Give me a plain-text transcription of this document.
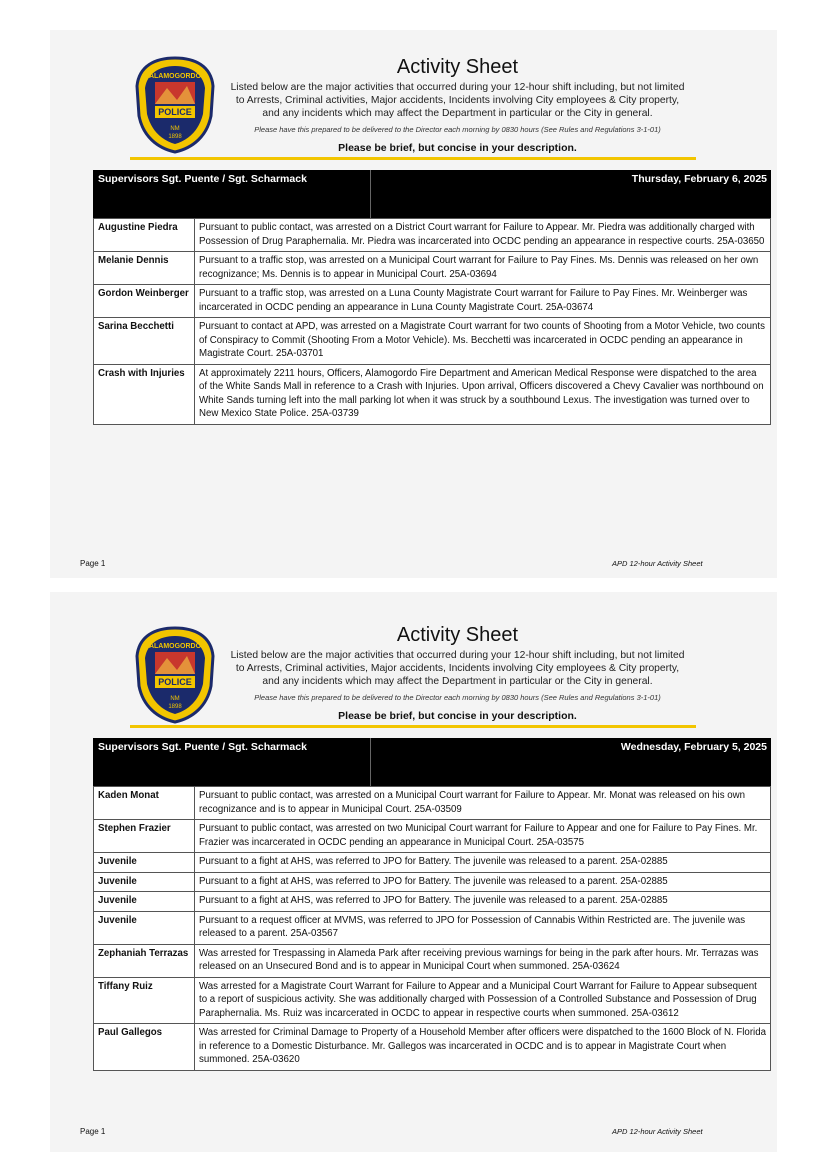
POLICE
ALAMOGORDO
NM
1898
Activity Sheet
Listed below are the major activities that occurred during your 12-hour shift including, but not limited to Arrests, Criminal activities, Major accidents, Incidents involving City employees & City property, and any incidents which may affect the Department in particular or the City in general.
Please have this prepared to be delivered to the Director each morning by 0830 hours (See Rules and Regulations 3-1-01)
Please be brief, but concise in your description.
Supervisors Sgt. Puente / Sgt. Scharmack	Thursday, February 6, 2025
Augustine Piedra	Pursuant to public contact, was arrested on a District Court warrant for Failure to Appear. Mr. Piedra was additionally charged with Possession of Drug Paraphernalia. Mr. Piedra was incarcerated into OCDC pending an appearance in respective courts. 25A-03650
Melanie Dennis	Pursuant to a traffic stop, was arrested on a Municipal Court warrant for Failure to Pay Fines. Ms. Dennis was released on her own recognizance; Ms. Dennis is to appear in Municipal Court. 25A-03694
Gordon Weinberger	Pursuant to a traffic stop, was arrested on a Luna County Magistrate Court warrant for Failure to Pay Fines. Mr. Weinberger was incarcerated in OCDC pending an appearance in Luna County Magistrate Court. 25A-03674
Sarina Becchetti	Pursuant to contact at APD, was arrested on a Magistrate Court warrant for two counts of Shooting from a Motor Vehicle, two counts of Conspiracy to Commit (Shooting From a Motor Vehicle). Ms. Becchetti was incarcerated in OCDC pending an appearance in Magistrate Court. 25A-03701
Crash with Injuries	At approximately 2211 hours, Officers, Alamogordo Fire Department and American Medical Response were dispatched to the area of the White Sands Mall in reference to a Crash with Injuries. Upon arrival, Officers discovered a Chevy Cavalier was northbound on White Sands turning left into the mall parking lot when it was struck by a southbound Lexus. The investigation was turned over to New Mexico State Police. 25A-03739
Page 1	APD 12-hour Activity Sheet
POLICE
ALAMOGORDO
NM
1898
Activity Sheet
Listed below are the major activities that occurred during your 12-hour shift including, but not limited to Arrests, Criminal activities, Major accidents, Incidents involving City employees & City property, and any incidents which may affect the Department in particular or the City in general.
Please have this prepared to be delivered to the Director each morning by 0830 hours (See Rules and Regulations 3-1-01)
Please be brief, but concise in your description.
Supervisors Sgt. Puente / Sgt. Scharmack	Wednesday, February 5, 2025
Kaden Monat	Pursuant to public contact, was arrested on a Municipal Court warrant for Failure to Appear. Mr. Monat was released on his own recognizance and is to appear in Municipal Court. 25A-03509
Stephen Frazier	Pursuant to public contact, was arrested on two Municipal Court warrant for Failure to Appear and one for Failure to Pay Fines. Mr. Frazier was incarcerated in OCDC pending an appearance in Municipal Court. 25A-03575
Juvenile	Pursuant to a fight at AHS, was referred to JPO for Battery. The juvenile was released to a parent. 25A-02885
Juvenile	Pursuant to a fight at AHS, was referred to JPO for Battery. The juvenile was released to a parent. 25A-02885
Juvenile	Pursuant to a fight at AHS, was referred to JPO for Battery. The juvenile was released to a parent. 25A-02885
Juvenile	Pursuant to a request officer at MVMS, was referred to JPO for Possession of Cannabis Within Restricted are. The juvenile was released to a parent. 25A-03567
Zephaniah Terrazas	Was arrested for Trespassing in Alameda Park after receiving previous warnings for being in the park after hours. Mr. Terrazas was released on an Unsecured Bond and is to appear in Municipal Court when summoned. 25A-03624
Tiffany Ruiz	Was arrested for a Magistrate Court Warrant for Failure to Appear and a Municipal Court Warrant for Failure to Appear subsequent to a report of suspicious activity. She was additionally charged with Possession of a Controlled Substance and Possession of Drug Paraphernalia. Ms. Ruiz was incarcerated in OCDC to appear in respective courts when summoned. 25A-03612
Paul Gallegos	Was arrested for Criminal Damage to Property of a Household Member after officers were dispatched to the 1600 Block of N. Florida in reference to a Domestic Disturbance. Mr. Gallegos was incarcerated in OCDC and is to appear in Magistrate Court when summoned. 25A-03620
Page 1	APD 12-hour Activity Sheet
